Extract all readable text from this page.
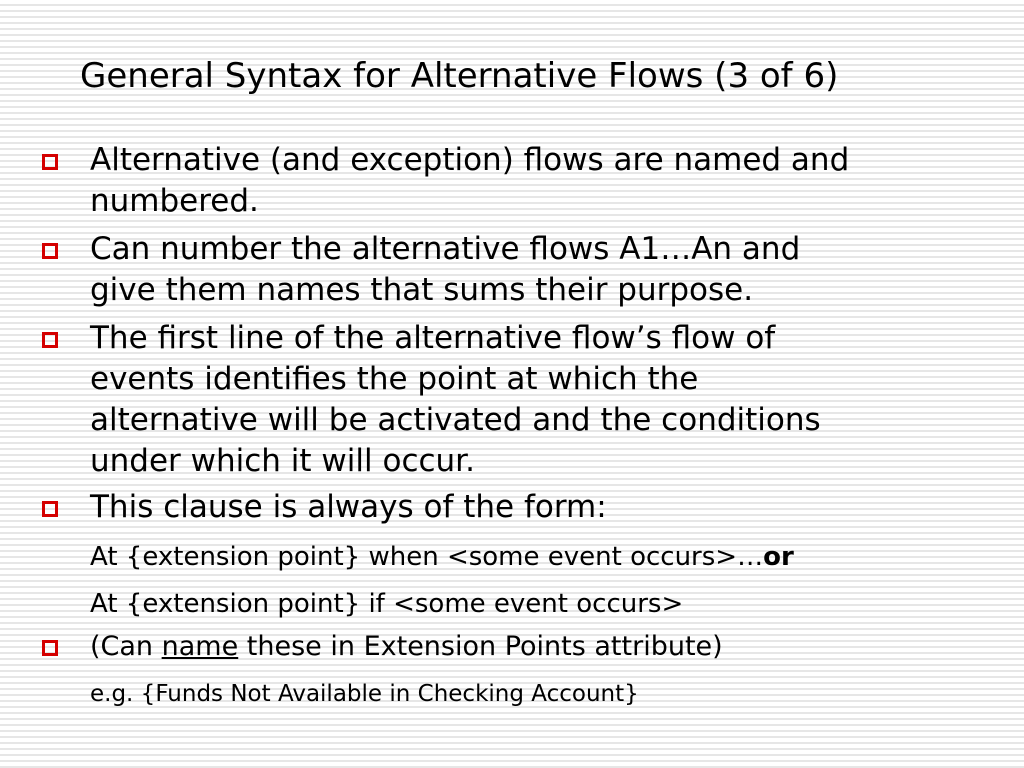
General Syntax for Alternative Flows (3 of 6)
Alternative (and exception) flows are named and
numbered.
Can number the alternative flows A1…An and
give them names that sums their purpose.
The first line of the alternative flow’s flow of
events identifies the point at which the
alternative will be activated and the conditions
under which it will occur.
This clause is always of the form:
At {extension point} when <some event occurs>…or
At {extension point} if <some event occurs>
(Can name these in Extension Points attribute)
e.g. {Funds Not Available in Checking Account}
